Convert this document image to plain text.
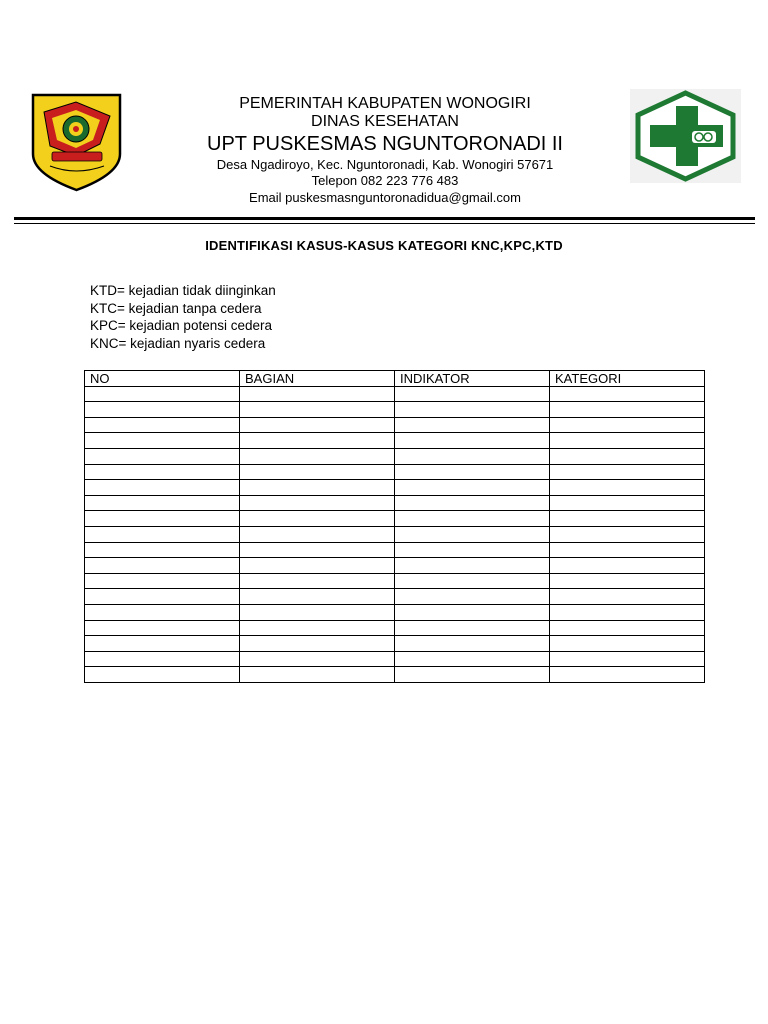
PEMERINTAH KABUPATEN WONOGIRI
DINAS KESEHATAN
UPT PUSKESMAS NGUNTORONADI II
Desa Ngadiroyo, Kec. Nguntoronadi, Kab. Wonogiri 57671
Telepon 082 223 776 483
Email puskesmasnguntoronadidua@gmail.com
IDENTIFIKASI KASUS-KASUS KATEGORI KNC,KPC,KTD
KTD= kejadian tidak diinginkan
KTC= kejadian tanpa cedera
KPC= kejadian potensi cedera
KNC= kejadian nyaris cedera
NO	BAGIAN	INDIKATOR	KATEGORI
